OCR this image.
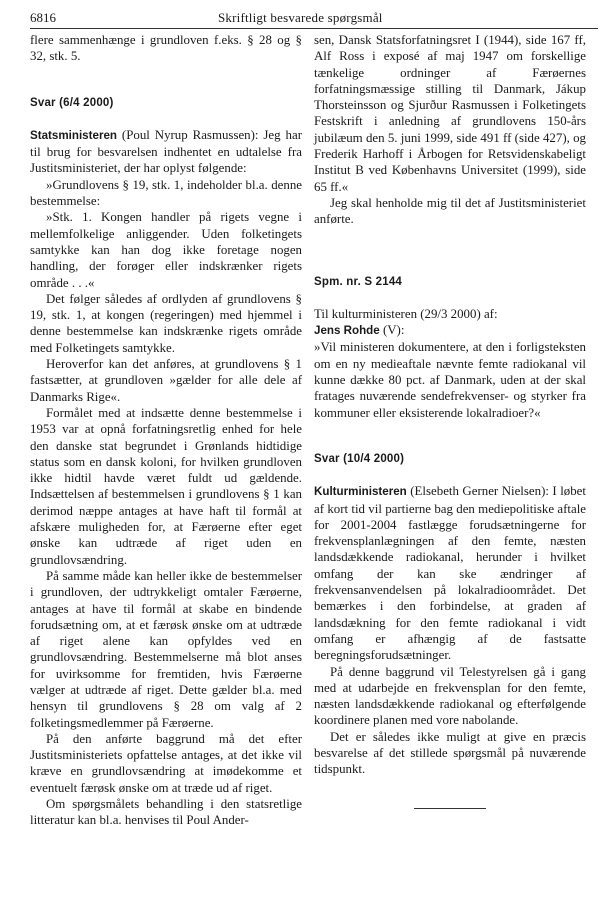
6816	Skriftligt besvarede spørgsmål

flere sammenhænge i grundloven f.eks. § 28 og § 32, stk. 5.

Svar (6/4 2000)

Statsministeren (Poul Nyrup Rasmussen): Jeg har til brug for besvarelsen indhentet en udtalelse fra Justitsministeriet, der har oplyst følgende:

»Grundlovens § 19, stk. 1, indeholder bl.a. denne bestemmelse:

»Stk. 1. Kongen handler på rigets vegne i mellemfolkelige anliggender. Uden folketingets samtykke kan han dog ikke foretage nogen handling, der forøger eller indskrænker rigets område . . .«

Det følger således af ordlyden af grundlovens § 19, stk. 1, at kongen (regeringen) med hjemmel i denne bestemmelse kan indskrænke rigets område med Folketingets samtykke.

Heroverfor kan det anføres, at grundlovens § 1 fastsætter, at grundloven »gælder for alle dele af Danmarks Rige«.

Formålet med at indsætte denne bestemmelse i 1953 var at opnå forfatningsretlig enhed for hele den danske stat begrundet i Grønlands hidtidige status som en dansk koloni, for hvilken grundloven ikke hidtil havde været fuldt ud gældende. Indsættelsen af bestemmelsen i grundlovens § 1 kan derimod næppe antages at have haft til formål at afskære muligheden for, at Færøerne efter eget ønske kan udtræde af riget uden en grundlovsændring.

På samme måde kan heller ikke de bestemmelser i grundloven, der udtrykkeligt omtaler Færøerne, antages at have til formål at skabe en bindende forudsætning om, at et færøsk ønske om at udtræde af riget alene kan opfyldes ved en grundlovsændring. Bestemmelserne må blot anses for uvirksomme for fremtiden, hvis Færøerne vælger at udtræde af riget. Dette gælder bl.a. med hensyn til grundlovens § 28 om valg af 2 folketingsmedlemmer på Færøerne.

På den anførte baggrund må det efter Justitsministeriets opfattelse antages, at det ikke vil kræve en grundlovsændring at imødekomme et eventuelt færøsk ønske om at træde ud af riget.

Om spørgsmålets behandling i den statsretlige litteratur kan bl.a. henvises til Poul Ander-

sen, Dansk Statsforfatningsret I (1944), side 167 ff, Alf Ross i exposé af maj 1947 om forskellige tænkelige ordninger af Færøernes forfatningsmæssige stilling til Danmark, Jákup Thorsteinsson og Sjurður Rasmussen i Folketingets Festskrift i anledning af grundlovens 150-års jubilæum den 5. juni 1999, side 491 ff (side 427), og Frederik Harhoff i Årbogen for Retsvidenskabeligt Institut B ved Københavns Universitet (1999), side 65 ff.«

Jeg skal henholde mig til det af Justitsministeriet anførte.

Spm. nr. S 2144

Til kulturministeren (29/3 2000) af:

Jens Rohde (V):

»Vil ministeren dokumentere, at den i forligsteksten om en ny medieaftale nævnte femte radiokanal vil kunne dække 80 pct. af Danmark, uden at der skal fratages nuværende sendefrekvenser- og styrker fra kommuner eller eksisterende lokalradioer?«

Svar (10/4 2000)

Kulturministeren (Elsebeth Gerner Nielsen): I løbet af kort tid vil partierne bag den mediepolitiske aftale for 2001-2004 fastlægge forudsætningerne for frekvensplanlægningen af den femte, næsten landsdækkende radiokanal, herunder i hvilket omfang der kan ske ændringer af frekvensanvendelsen på lokalradioområdet. Det bemærkes i den forbindelse, at graden af landsdækning for den femte radiokanal i vidt omfang er afhængig af de fastsatte beregningsforudsætninger.

På denne baggrund vil Telestyrelsen gå i gang med at udarbejde en frekvensplan for den femte, næsten landsdækkende radiokanal og efterfølgende koordinere planen med vore nabolande.

Det er således ikke muligt at give en præcis besvarelse af det stillede spørgsmål på nuværende tidspunkt.
